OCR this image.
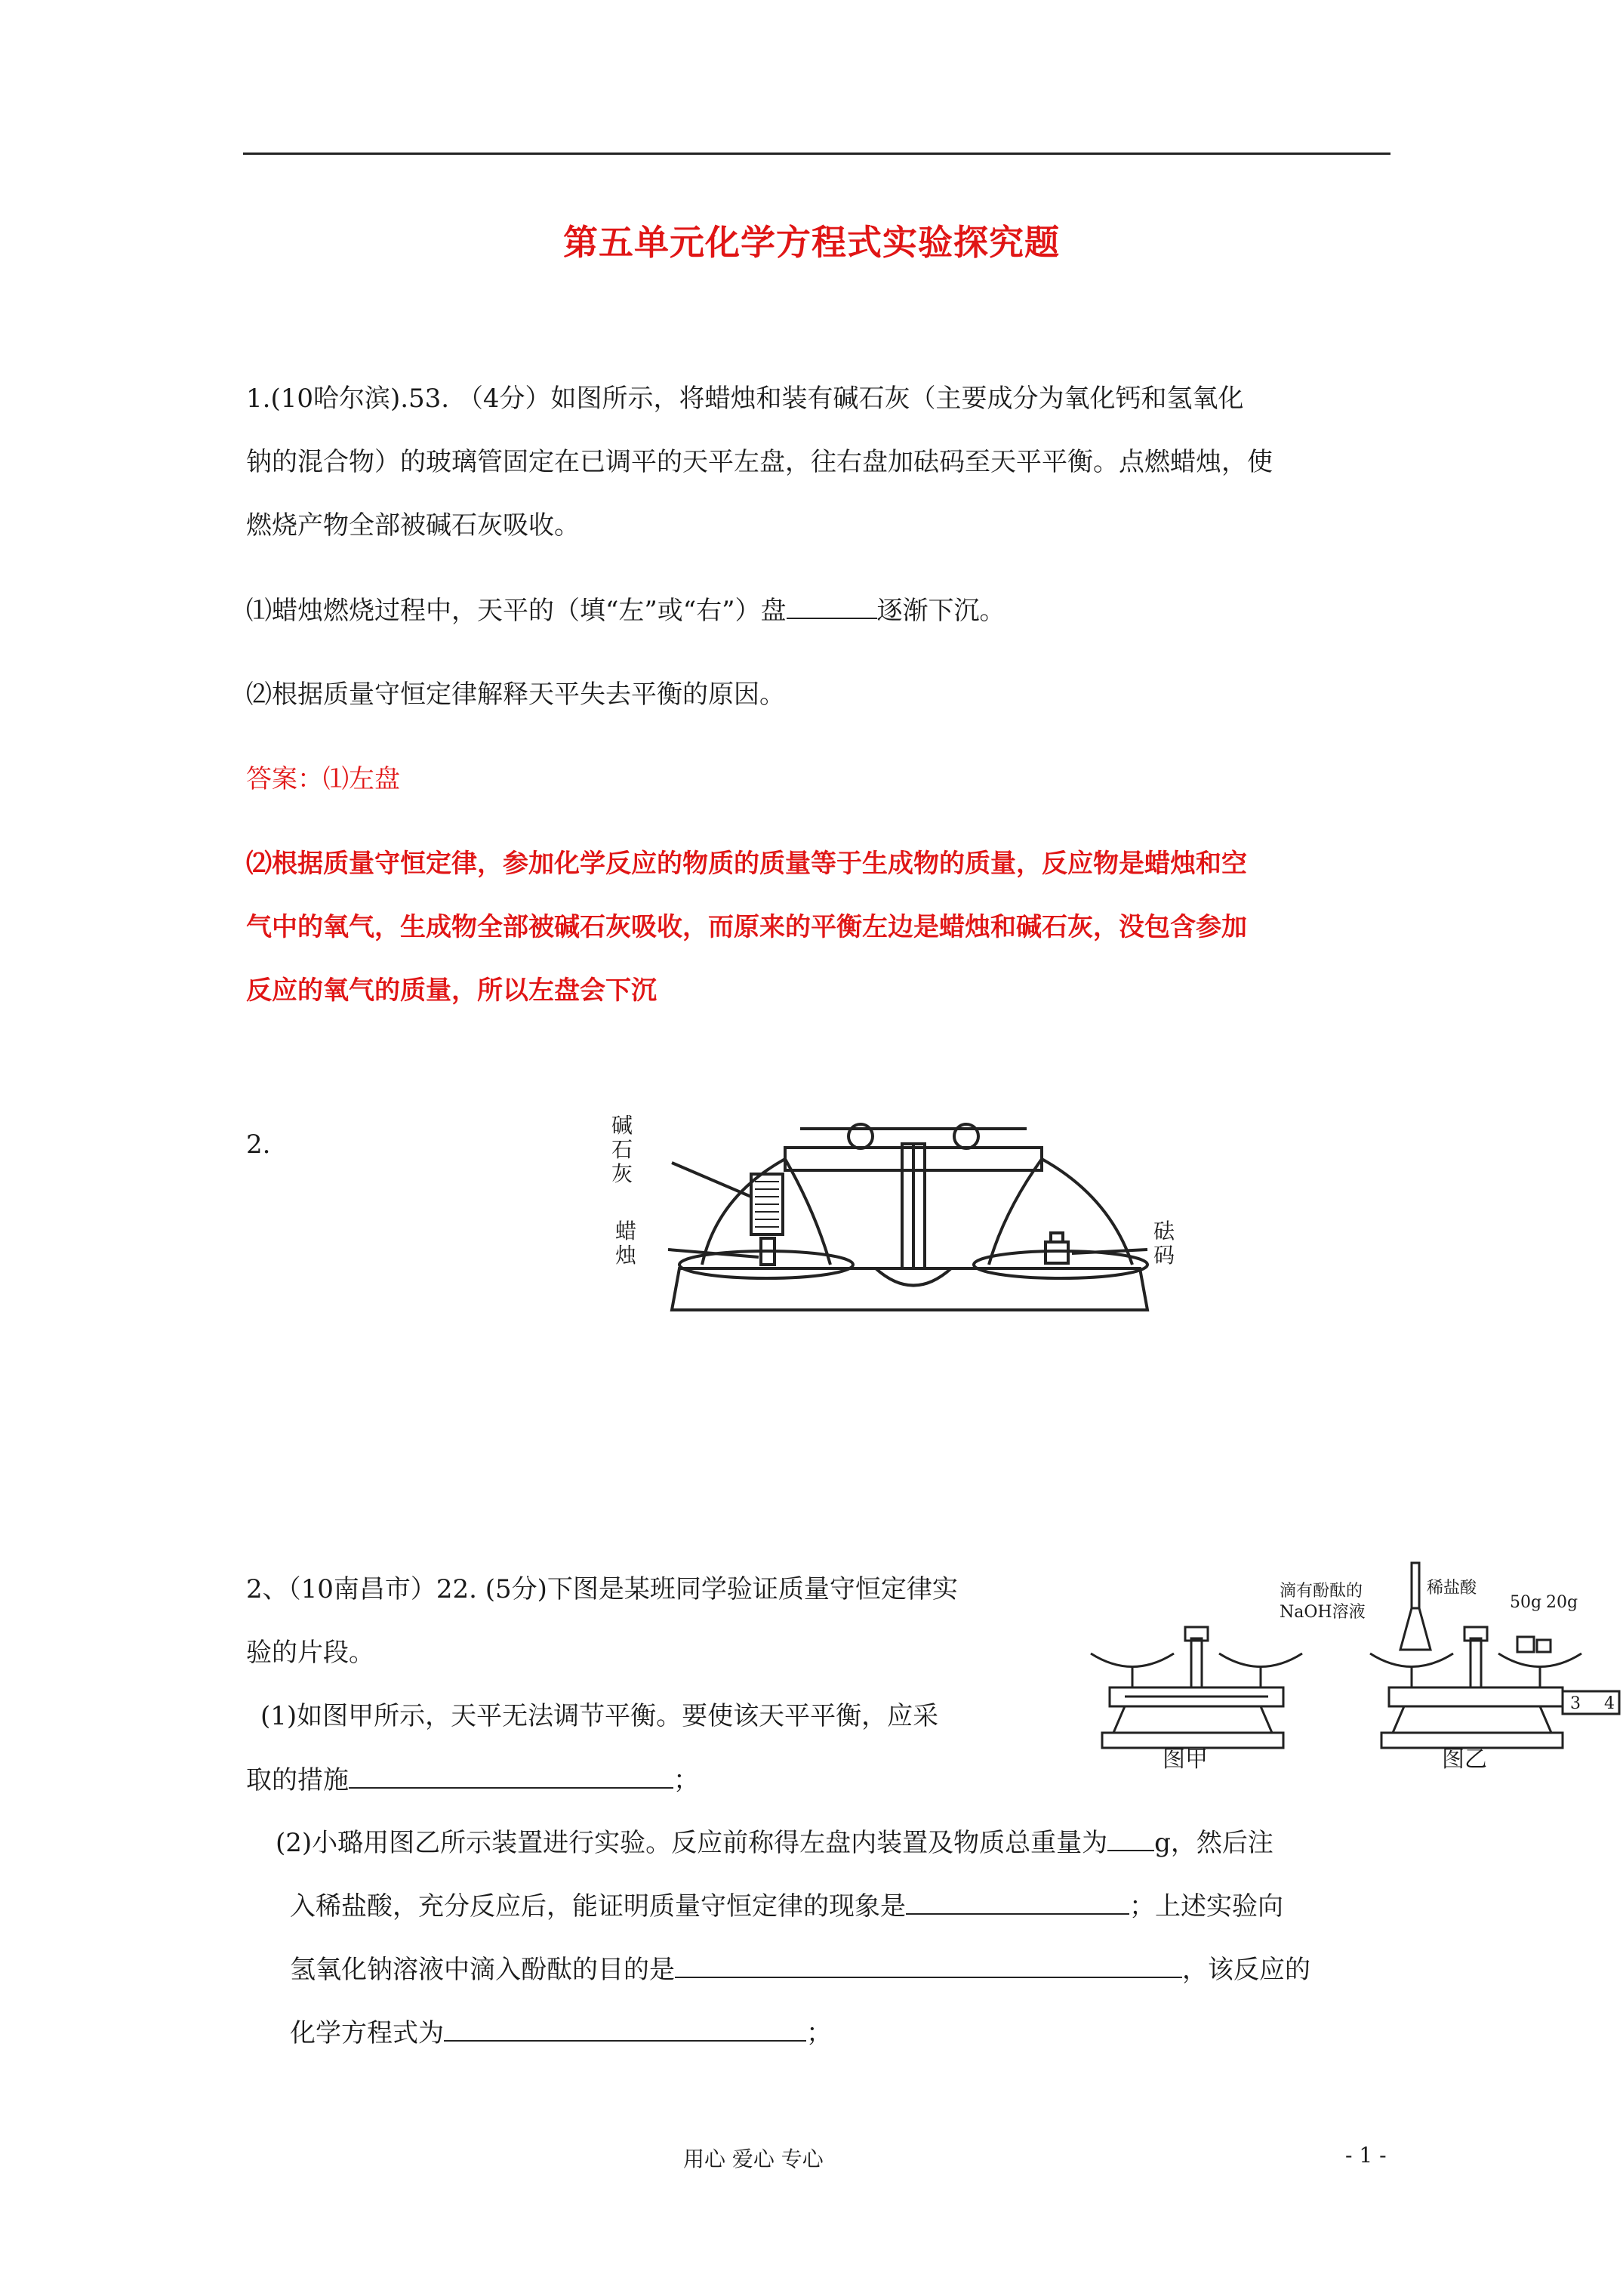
第五单元化学方程式实验探究题
1.(10哈尔滨).53. （4分）如图所示，将蜡烛和装有碱石灰（主要成分为氧化钙和氢氧化
钠的混合物）的玻璃管固定在已调平的天平左盘，往右盘加砝码至天平平衡。点燃蜡烛，使
燃烧产物全部被碱石灰吸收。
⑴蜡烛燃烧过程中，天平的（填“左”或“右”）盘	逐渐下沉。
⑵根据质量守恒定律解释天平失去平衡的原因。
答案：⑴左盘
⑵根据质量守恒定律，参加化学反应的物质的质量等于生成物的质量，反应物是蜡烛和空
气中的氧气，生成物全部被碱石灰吸收，而原来的平衡左边是蜡烛和碱石灰，没包含参加
反应的氧气的质量，所以左盘会下沉
2.
碱石灰
蜡烛
砝码
2、（10南昌市）22. (5分)下图是某班同学验证质量守恒定律实
验的片段。
(1)如图甲所示，天平无法调节平衡。要使该天平平衡，应采
取的措施	；
(2)小璐用图乙所示装置进行实验。反应前称得左盘内装置及物质总重量为 g，然后注
入稀盐酸，充分反应后，能证明质量守恒定律的现象是	；上述实验向
氢氧化钠溶液中滴入酚酞的目的是	，该反应的
化学方程式为	；
图甲	图乙
滴有酚酞的
NaOH溶液
稀盐酸
50g 20g
3 4
用心 爱心 专心	- 1 -
